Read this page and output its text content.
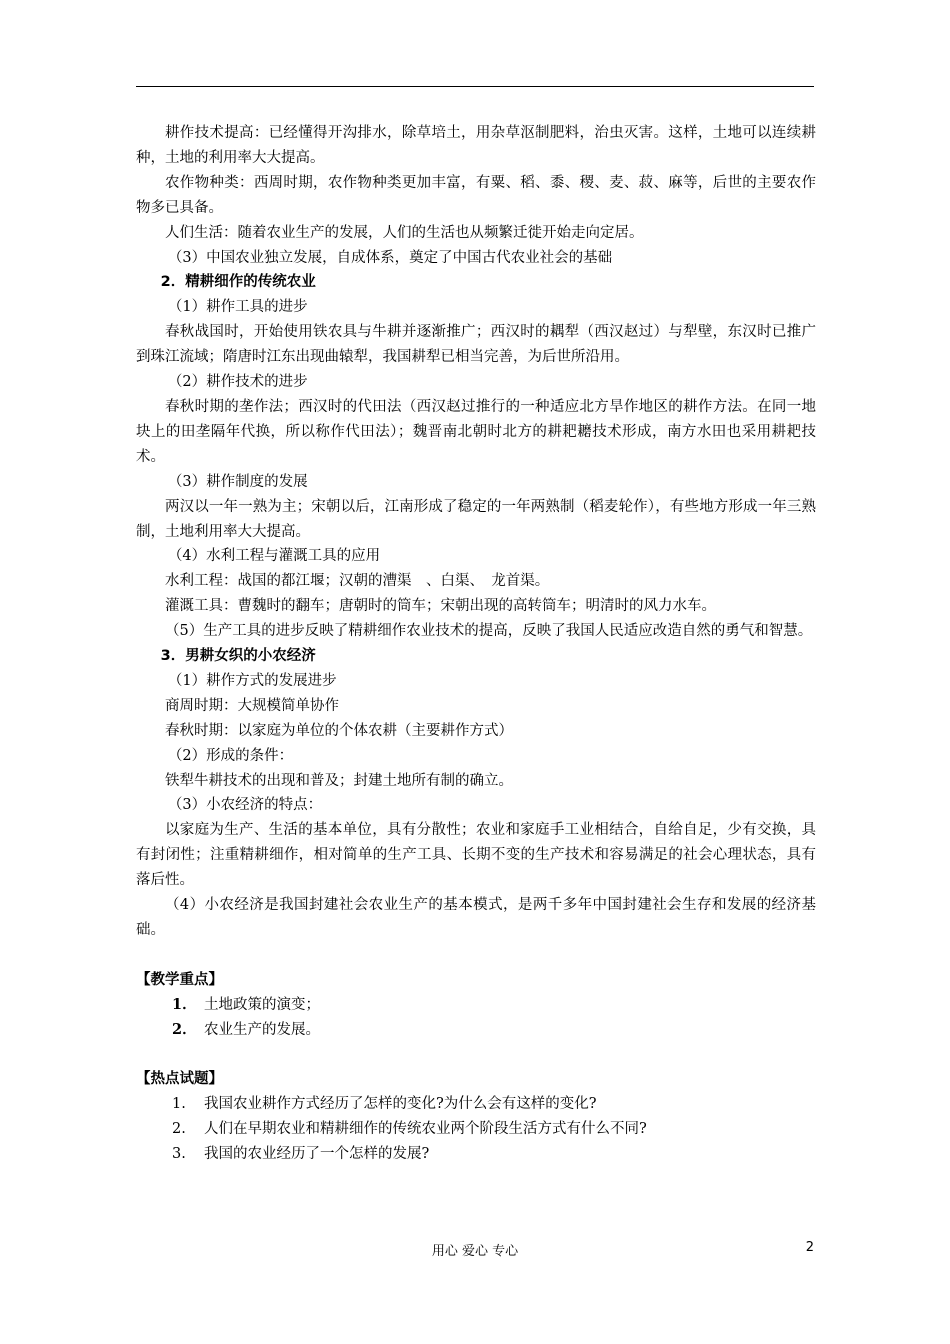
耕作技术提高：已经懂得开沟排水，除草培土，用杂草沤制肥料，治虫灭害。这样，土地可以连续耕种，土地的利用率大大提高。

农作物种类：西周时期，农作物种类更加丰富，有粟、稻、黍、稷、麦、菽、麻等，后世的主要农作物多已具备。

人们生活：随着农业生产的发展，人们的生活也从频繁迁徙开始走向定居。

（3）中国农业独立发展，自成体系，奠定了中国古代农业社会的基础

2．精耕细作的传统农业

（1）耕作工具的进步

春秋战国时，开始使用铁农具与牛耕并逐渐推广；西汉时的耦犁（西汉赵过）与犁壁，东汉时已推广到珠江流域；隋唐时江东出现曲辕犁，我国耕犁已相当完善，为后世所沿用。

（2）耕作技术的进步

春秋时期的垄作法；西汉时的代田法（西汉赵过推行的一种适应北方旱作地区的耕作方法。在同一地块上的田垄隔年代换，所以称作代田法）；魏晋南北朝时北方的耕耙耱技术形成，南方水田也采用耕耙技术。

（3）耕作制度的发展

两汉以一年一熟为主；宋朝以后，江南形成了稳定的一年两熟制（稻麦轮作），有些地方形成一年三熟制，土地利用率大大提高。

（4）水利工程与灌溉工具的应用

水利工程：战国的都江堰；汉朝的漕渠　、白渠、　龙首渠。

灌溉工具：曹魏时的翻车；唐朝时的筒车；宋朝出现的高转筒车；明清时的风力水车。

（5）生产工具的进步反映了精耕细作农业技术的提高，反映了我国人民适应改造自然的勇气和智慧。

3．男耕女织的小农经济

（1）耕作方式的发展进步

商周时期：大规模简单协作

春秋时期：以家庭为单位的个体农耕（主要耕作方式）

（2）形成的条件：

铁犁牛耕技术的出现和普及；封建土地所有制的确立。

（3）小农经济的特点：

以家庭为生产、生活的基本单位，具有分散性；农业和家庭手工业相结合，自给自足，少有交换，具有封闭性；注重精耕细作，相对简单的生产工具、长期不变的生产技术和容易满足的社会心理状态，具有落后性。

（4）小农经济是我国封建社会农业生产的基本模式，是两千多年中国封建社会生存和发展的经济基础。

【教学重点】

1． 土地政策的演变；
2． 农业生产的发展。

【热点试题】

1.	我国农业耕作方式经历了怎样的变化?为什么会有这样的变化?
2.	人们在早期农业和精耕细作的传统农业两个阶段生活方式有什么不同?
3.	我国的农业经历了一个怎样的发展?
用心 爱心 专心	2
